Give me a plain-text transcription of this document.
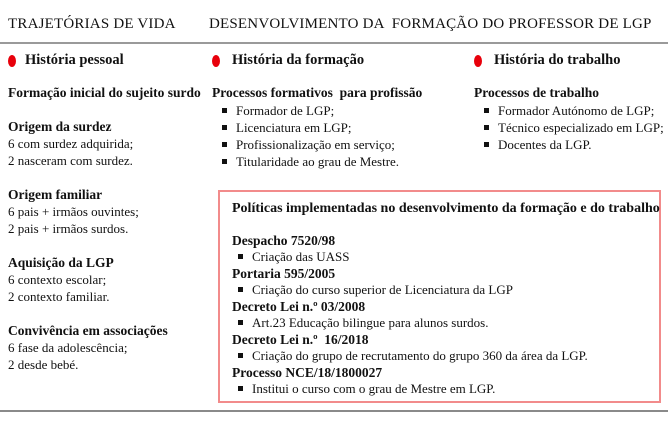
TRAJETÓRIAS DE VIDA DESENVOLVIMENTO DA  FORMAÇÃO DO PROFESSOR DE LGP
História pessoal
Formação inicial do sujeito surdo
Origem da surdez
6 com surdez adquirida;
2 nasceram com surdez.
Origem familiar
6 pais + irmãos ouvintes;
2 pais + irmãos surdos.
Aquisição da LGP
6 contexto escolar;
2 contexto familiar.
Convivência em associações
6 fase da adolescência;
2 desde bebé.
História da formação
Processos formativos  para profissão
Formador de LGP;
Licenciatura em LGP;
Profissionalização em serviço;
Titularidade ao grau de Mestre.
História do trabalho
Processos de trabalho
Formador Autónomo de LGP;
Técnico especializado em LGP;
Docentes da LGP.
Políticas implementadas no desenvolvimento da formação e do trabalho
Despacho 7520/98
Criação das UASS
Portaria 595/2005
Criação do curso superior de Licenciatura da LGP
Decreto Lei n.º 03/2008
Art.23 Educação bilingue para alunos surdos.
Decreto Lei n.º  16/2018
Criação do grupo de recrutamento do grupo 360 da área da LGP.
Processo NCE/18/1800027
Institui o curso com o grau de Mestre em LGP.
